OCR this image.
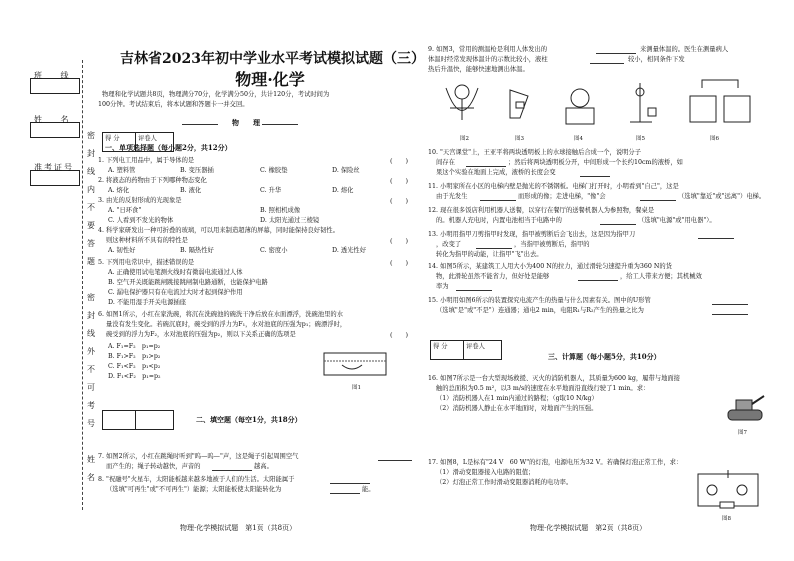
班 线
姓 名
准考证号
密
封
线
内
不
要
答
题
密
封
线
外
不
可
考
号
姓
名
吉林省2023年初中学业水平考试模拟试题（三）
物理·化学
物理和化学试题共8页，物理满分70分，化学满分50分，共计120分，考试时间为
100分钟。考试结束后，将本试题和答题卡一并交回。
得 分	评卷人
物　　理
一、单项选择题（每小题2分，共12分）
1. 下列电工用品中，属于导体的是	(　　)
A. 塑料管	B. 变压器插	C. 橡胶垫	D. 保险丝
2. 将液态的药物由于下列哪种物态变化	(　　)
A. 熔化	B. 液化	C. 升华	D. 熔化
3. 由光的反射形成的光现象是	(　　)
A. "日环食"	B. 照相机成像
C. 人看到不发光的物体	D. 太阳光通过三棱镜
4. 科学家研发出一种可折叠的玻璃，可以用来制造超薄的屏幕，同时能保持良好韧性。
则这种材料所不具有的特性是	(　　)
A. 韧性好	B. 隔热性好	C. 密度小	D. 透光性好
5. 下列用电常识中，描述错误的是	(　　)
A. 正确使用试电笔测火线时有微弱电流通过人体
B. 空气开关既能跳闸跳接跳闸制电路通断，也能保护电路
C. 漏电保护器只有在电流过大时才起到保护作用
D. 不能用湿手开关电源插座
6. 如图1所示，小红在家洗碗，将沉在洗碗池的碗洗干净后放在水面漂浮，洗碗池里的水
量没有发生变化。若碗沉底时，碗受到的浮力为F₁，水对池底的压强为p₁；碗漂浮时，
碗受到的浮力为F₂，水对池底的压强为p₂，则以下关系正确的选项是	(　　)
A. F₁=F₂　p₁=p₂
B. F₁>F₂　p₁>p₂
C. F₁<F₂　p₁<p₂
D. F₁<F₂　p₁=p₂
图1
二、填空题（每空1分，共18分）
7. 如图2所示，小红在跳绳时听到"呜—呜—"声，这是绳子引起周围空气
而产生的；绳子转动越快，声音的	越高。
8. "祝融号"火星车，太阳能板越来越多地被于人们的生活。太阳能属于
（选填"可再生"或"不可再生"）能源；太阳能板使太阳能转化为	能。
物理·化学模拟试题　第1页（共8页）
9. 如图3，常用的测温枪是利用人体发出的	来测量体温的。医生在测量病人
体温时经常发现体温计的示数比较小，液柱	较小，相同条件下发
热后升温快，能够快速地测出体温。
图2	图3	图4	图5	图6
10. "天宫课堂"上，王亚平将两块透明板上的水球接触后合成一个，说明分子
间存在	；然后将两块透明板分开，中间形成一个长约10cm的液桥，如
果这个实验在地面上完成，液桥的长度会变
11. 小明家所在小区的电梯内壁是抛光的不锈钢板。电梯门打开时，小明看到"自己"，这是
由于光发生	而形成的像；走进电梯，"像"会	（选填"靠近"或"远离"）电梯。
12. 现在很多饭店利用机器人送餐，以穿行在餐厅的送餐机器人为参照物，餐桌是
的。机器人充电时，内置电池相当于电路中的	（选填"电源"或"用电器"）。
13. 小明用指甲刀剪指甲时发现，指甲被剪断后会飞出去，这是因为指甲刀
，改变了	，当指甲被剪断后，指甲的
转化为指甲的动能，让指甲"飞"出去。
14. 如图5所示，某建筑工人用大小为400 N的拉力，通过滑轮匀速提升重为360 N的货
物，此滑轮虽然不能省力，但好处是能够	，给工人带来方便；其机械效
率为
15. 小明用如图6所示的装置探究电流产生的热量与什么因素有关。图中的U形管
（选填"是"或"不是"）连通器；通电2 min，电阻R₁与R₂产生的热量之比为
得 分	评卷人
三、计算题（每小题5分，共10分）
16. 如图7所示是一台大型现场救援、灭火的消防机器人，其质量为600 kg，履带与地面接
触的总面积为0.5 m²，以3 m/s的速度在水平地面沿直线行驶了1 min。求：
（1）消防机器人在1 min内通过的路程；（g取10 N/kg）
（2）消防机器人静止在水平地面时，对地面产生的压强。
图7
17. 如图8，L是标有"24 V　60 W"的灯泡，电源电压为32 V。若确保灯泡正常工作，求：
（1）滑动变阻器接入电路的阻值；
（2）灯泡正常工作时滑动变阻器消耗的电功率。
图8
物理·化学模拟试题　第2页（共8页）
